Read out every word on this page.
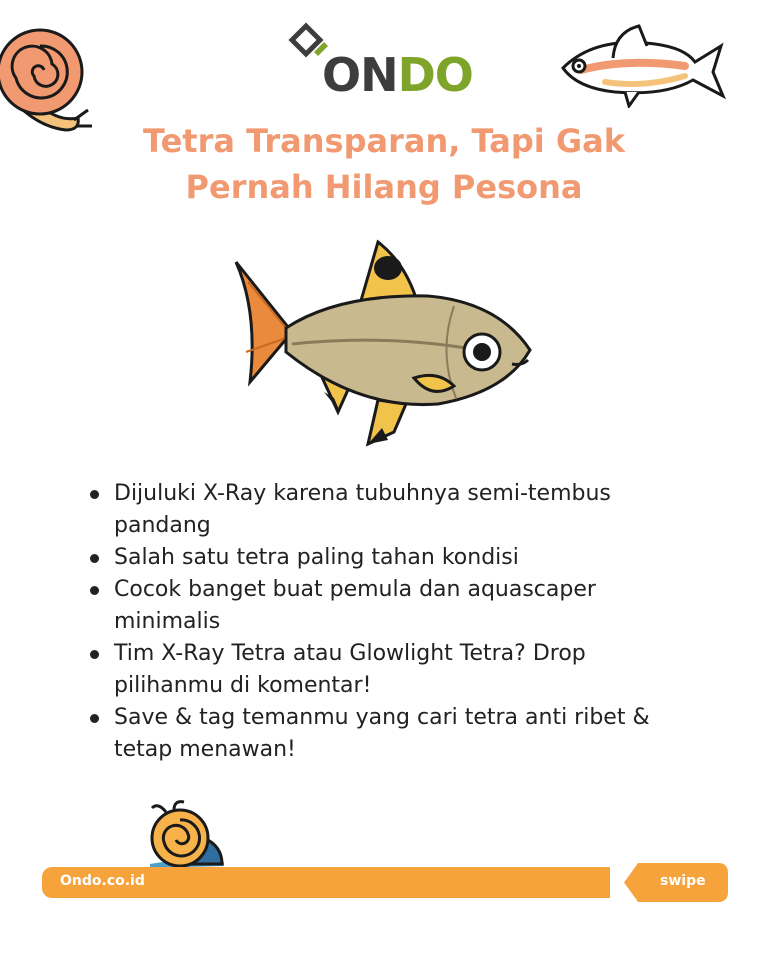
ONDO
Tetra Transparan, Tapi Gak
Pernah Hilang Pesona
Dijuluki X-Ray karena tubuhnya semi-tembus pandang
Salah satu tetra paling tahan kondisi
Cocok banget buat pemula dan aquascaper minimalis
Tim X-Ray Tetra atau Glowlight Tetra? Drop pilihanmu di komentar!
Save & tag temanmu yang cari tetra anti ribet & tetap menawan!
Ondo.co.id	swipe
